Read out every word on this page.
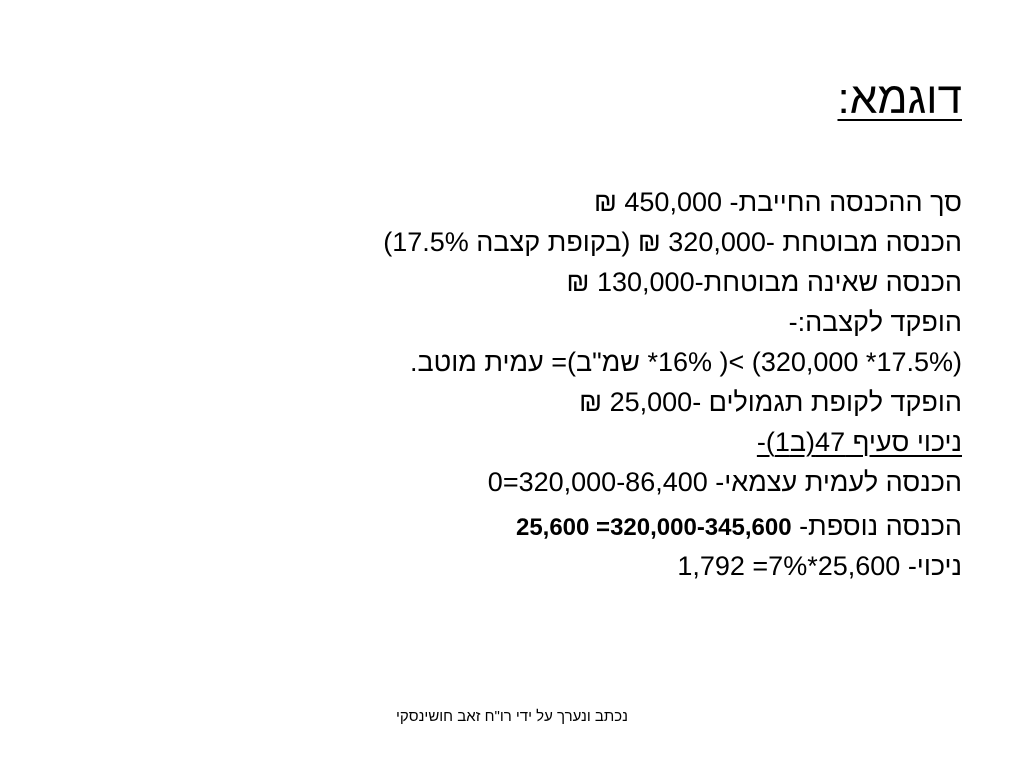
דוגמא:
סך ההכנסה החייבת- 450,000 ₪
הכנסה מבוטחת -320,000 ₪ (בקופת קצבה 17.5%)
הכנסה שאינה מבוטחת-130,000 ₪
הופקד לקצבה:-
(17.5%* 320,000) >( 16%* שמ"ב)= עמית מוטב.
הופקד לקופת תגמולים -25,000 ₪
ניכוי סעיף 47(ב1)-
הכנסה לעמית עצמאי- 320,000-86,400=0
הכנסה נוספת- 320,000-345,600= 25,600
ניכוי- 25,600*7%= 1,792
נכתב ונערך על ידי רו"ח זאב חושינסקי
